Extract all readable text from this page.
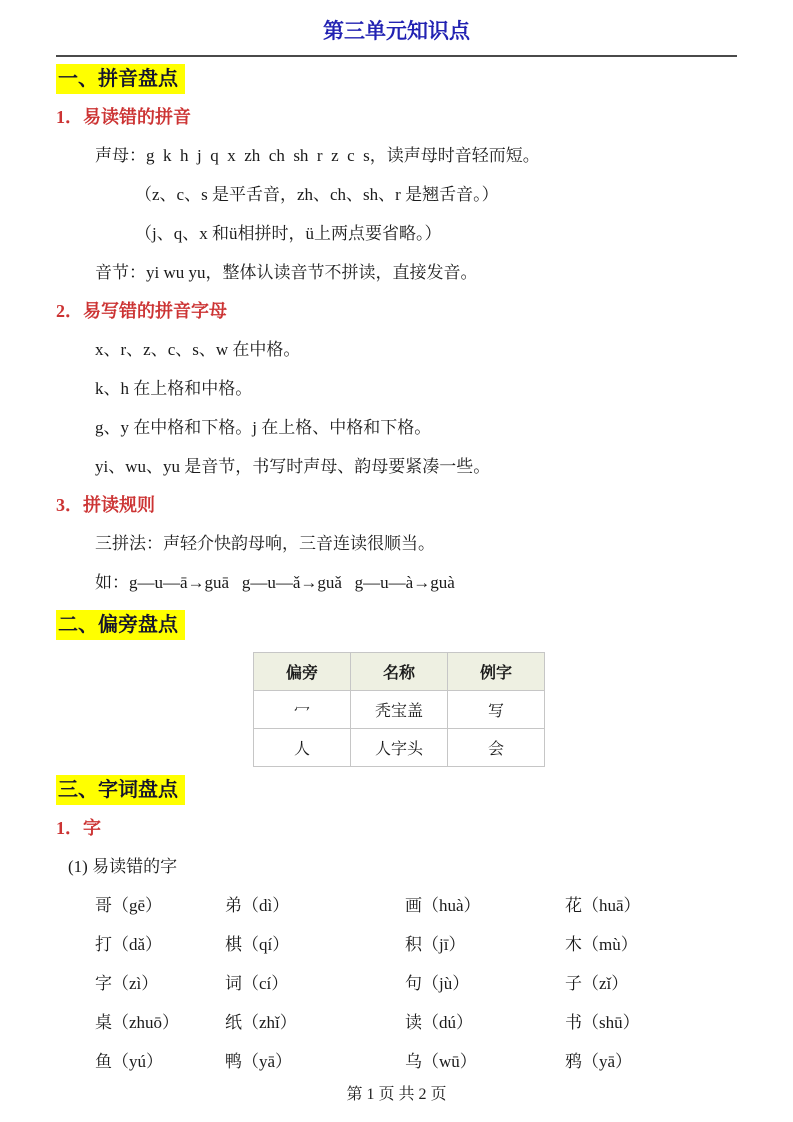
第三单元知识点
一、拼音盘点
1．易读错的拼音

声母：g  k  h  j  q  x  zh  ch  sh  r  z  c  s，读声母时音轻而短。

（z、c、s 是平舌音，zh、ch、sh、r 是翘舌音。）

（j、q、x 和ü相拼时，ü上两点要省略。）

音节：yi wu yu，整体认读音节不拼读，直接发音。

2．易写错的拼音字母

x、r、z、c、s、w 在中格。

k、h 在上格和中格。

g、y 在中格和下格。j 在上格、中格和下格。

yi、wu、yu 是音节，书写时声母、韵母要紧凑一些。

3．拼读规则

三拼法：声轻介快韵母响，三音连读很顺当。

如：g—u—ā→guā   g—u—ǎ→guǎ   g—u—à→guà

二、偏旁盘点
偏旁	名称	例字
冖	秃宝盖	写
人	人字头	会
三、字词盘点
1．字

(1) 易读错的字

哥（gē）	弟（dì）	画（huà）	花（huā）
打（dǎ）	棋（qí）	积（jī）	木（mù）
字（zì）	词（cí）	句（jù）	子（zǐ）
桌（zhuō）	纸（zhǐ）	读（dú）	书（shū）
鱼（yú）	鸭（yā）	乌（wū）	鸦（yā）
第 1 页 共 2 页
